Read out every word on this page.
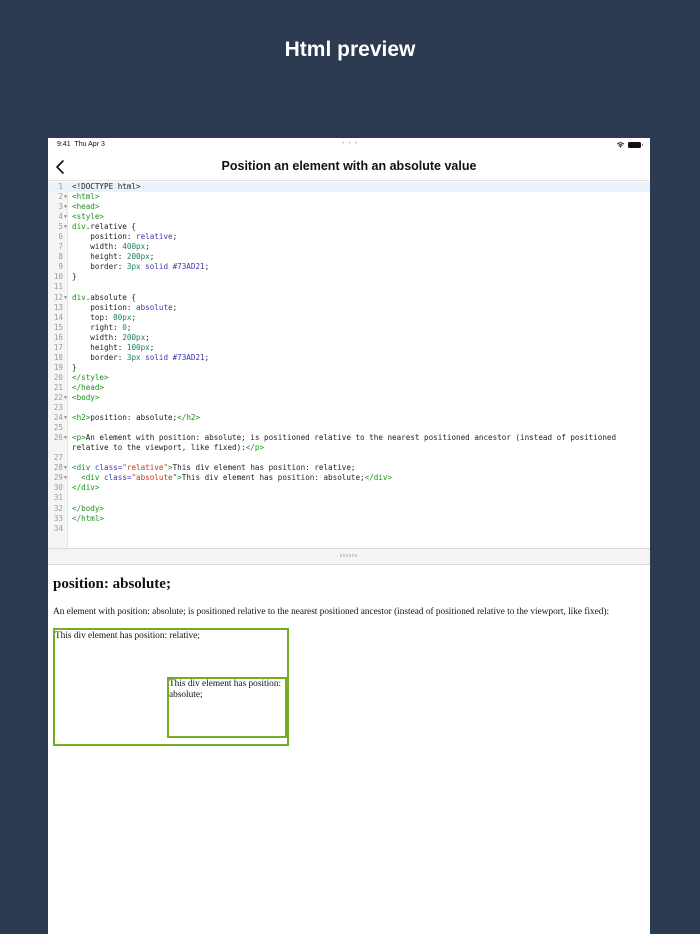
Html preview
9:41 Thu Apr 3	• • •
Position an element with an absolute value
1 <!DOCTYPE html>
2 ▼ <html>
3 ▼ <head>
4 ▼ <style>
5 ▼ div.relative {
6 position: relative;
7 width: 400px;
8 height: 200px;
9 border: 3px solid #73AD21;
10 }
11
12 ▼ div.absolute {
13 position: absolute;
14 top: 80px;
15 right: 0;
16 width: 200px;
17 height: 100px;
18 border: 3px solid #73AD21;
19 }
20 </style>
21 </head>
22 ▼ <body>
23
24 ▼ <h2>position: absolute;</h2>
25
26 ▼ <p>An element with position: absolute; is positioned relative to the nearest positioned ancestor (instead of positioned relative to the viewport, like fixed):</p>
27
28 ▼ <div class="relative">This div element has position: relative;
29 ▼ <div class="absolute">This div element has position: absolute;</div>
30 </div>
31
32 </body>
33 </html>
34
position: absolute;

An element with position: absolute; is positioned relative to the nearest positioned ancestor (instead of positioned relative to the viewport, like fixed):

This div element has position: relative;
This div element has position: absolute;
